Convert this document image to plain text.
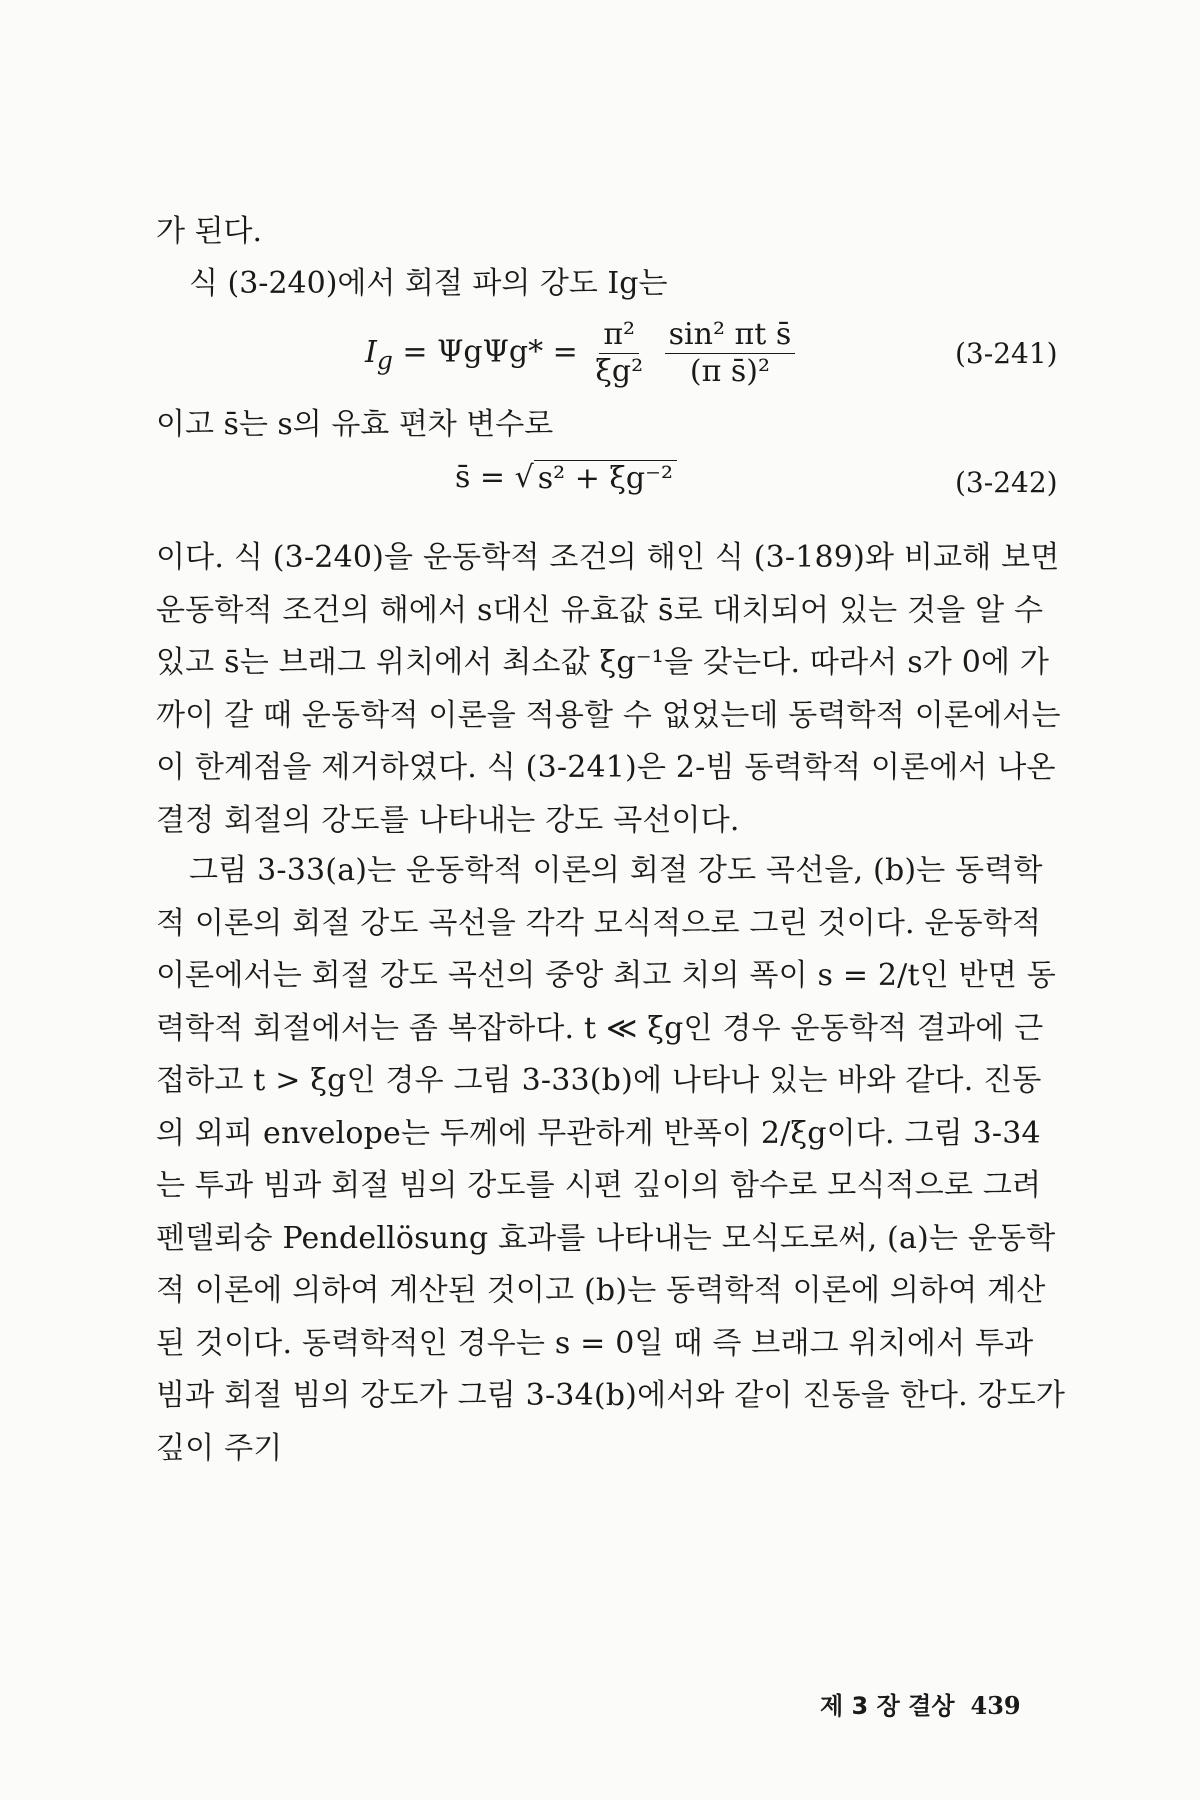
가 된다.

식 (3-240)에서 회절 파의 강도 Ig는

$I_g = \Psi g\Psi g* = \frac{\text{π²}}{\text{ξg²}}$
$\frac{\text{sin² πt s̄}}{\text{(π s̄)²}}$	(3-241)

이고 s̄는 s의 유효 편차 변수로

s̄ = √ s² + ξg⁻²	(3-242)

이다. 식 (3-240)을 운동학적 조건의 해인 식 (3-189)와 비교해 보면 운동학적 조건의 해에서 s대신 유효값 s̄로 대치되어 있는 것을 알 수 있고 s̄는 브래그 위치에서 최소값 ξg⁻¹을 갖는다. 따라서 s가 0에 가까이 갈 때 운동학적 이론을 적용할 수 없었는데 동력학적 이론에서는 이 한계점을 제거하였다. 식 (3-241)은 2-빔 동력학적 이론에서 나온 결정 회절의 강도를 나타내는 강도 곡선이다.

그림 3-33(a)는 운동학적 이론의 회절 강도 곡선을, (b)는 동력학적 이론의 회절 강도 곡선을 각각 모식적으로 그린 것이다. 운동학적 이론에서는 회절 강도 곡선의 중앙 최고 치의 폭이 s = 2/t인 반면 동력학적 회절에서는 좀 복잡하다. t ≪ ξg인 경우 운동학적 결과에 근접하고 t > ξg인 경우 그림 3-33(b)에 나타나 있는 바와 같다. 진동의 외피 envelope는 두께에 무관하게 반폭이 2/ξg이다. 그림 3-34는 투과 빔과 회절 빔의 강도를 시편 깊이의 함수로 모식적으로 그려 펜델뢰숭 Pendellösung 효과를 나타내는 모식도로써, (a)는 운동학적 이론에 의하여 계산된 것이고 (b)는 동력학적 이론에 의하여 계산된 것이다. 동력학적인 경우는 s = 0일 때 즉 브래그 위치에서 투과 빔과 회절 빔의 강도가 그림 3-34(b)에서와 같이 진동을 한다. 강도가 깊이 주기

제 3 장 결상 439
